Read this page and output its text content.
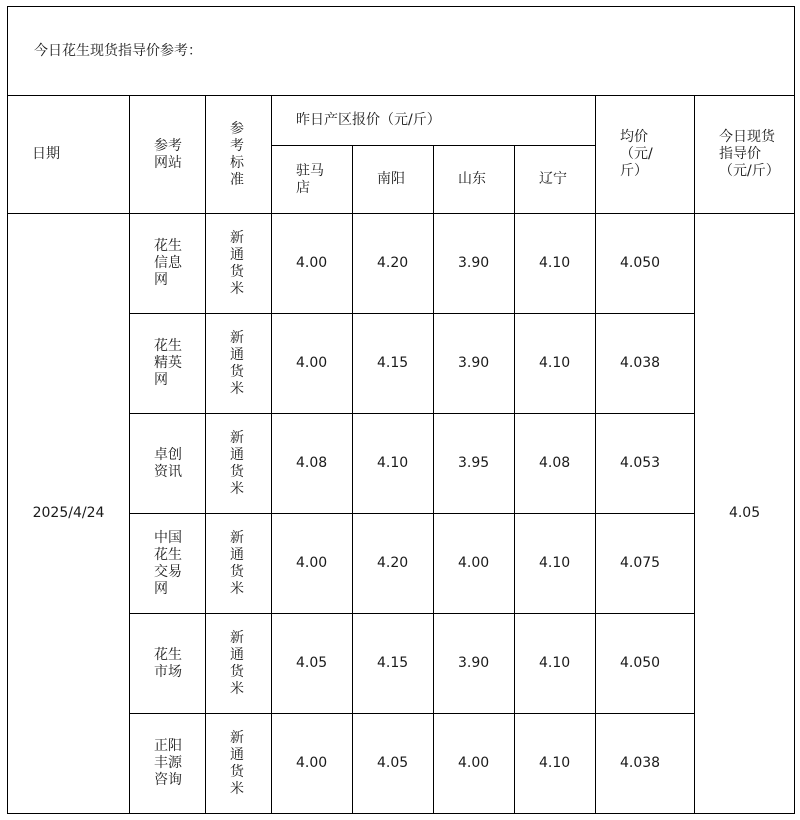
今日花生现货指导价参考：								
日期	参考网站	参考标准	昨日产区报价（元/斤）				均价（元/斤）	今日现货指导价（元/斤）

			驻马店	南阳	山东	辽宁		
2025/4/24	花生信息网	新通货米	4.00	4.20	3.90	4.10	4.050	4.05

	花生精英网	新通货米	4.00	4.15	3.90	4.10	4.038	

	卓创资讯	新通货米	4.08	4.10	3.95	4.08	4.053	

	中国花生交易网	新通货米	4.00	4.20	4.00	4.10	4.075	

	花生市场	新通货米	4.05	4.15	3.90	4.10	4.050	

	正阳丰源咨询	新通货米	4.00	4.05	4.00	4.10	4.038	
